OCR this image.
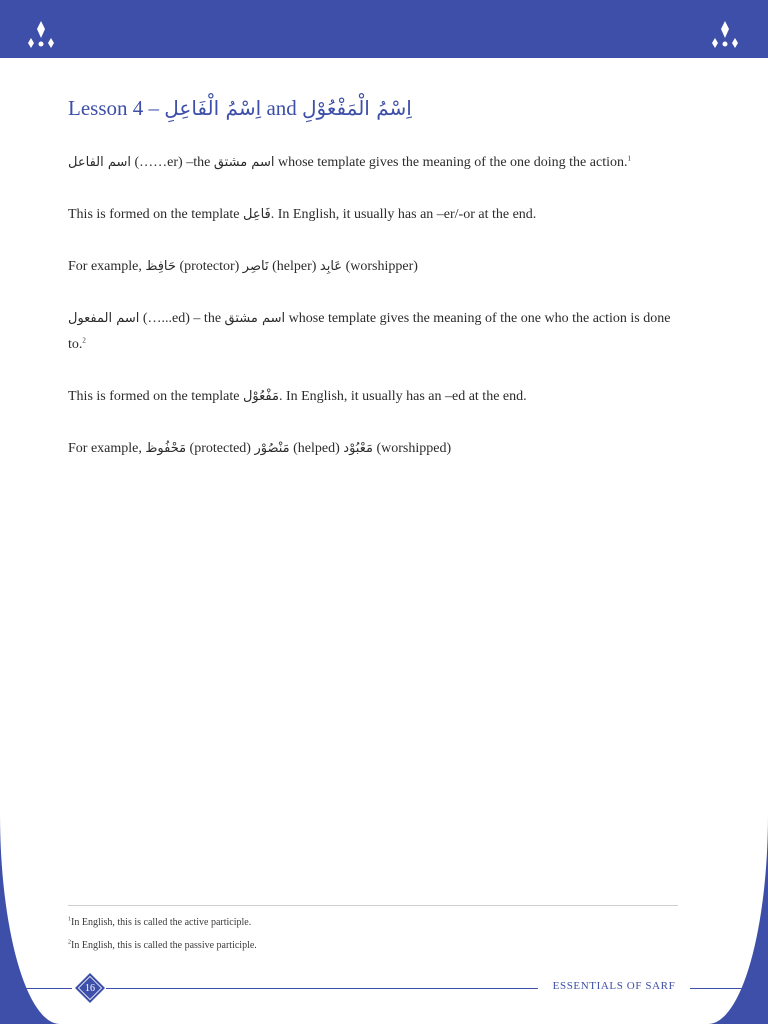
Lesson 4 – اِسْمُ الْفَاعِلِ and اِسْمُ الْمَفْعُوْلِ

اسم الفاعل (……er) –the اسم مشتق whose template gives the meaning of the one doing the action.$^1$

This is formed on the template فَاعِل. In English, it usually has an –er/-or at the end.

For example, حَافِظ (protector) نَاصِر (helper) عَابِد (worshipper)

اسم المفعول (…...ed) – the اسم مشتق whose template gives the meaning of the one who the action is done to.$^2$

This is formed on the template مَفْعُوْل. In English, it usually has an –ed at the end.

For example, مَحْفُوظ (protected) مَنْصُوْر (helped) مَعْبُوْد (worshipped)

$^1$In English, this is called the active participle.
$^2$In English, this is called the passive participle.
16	ESSENTIALS OF SARF
